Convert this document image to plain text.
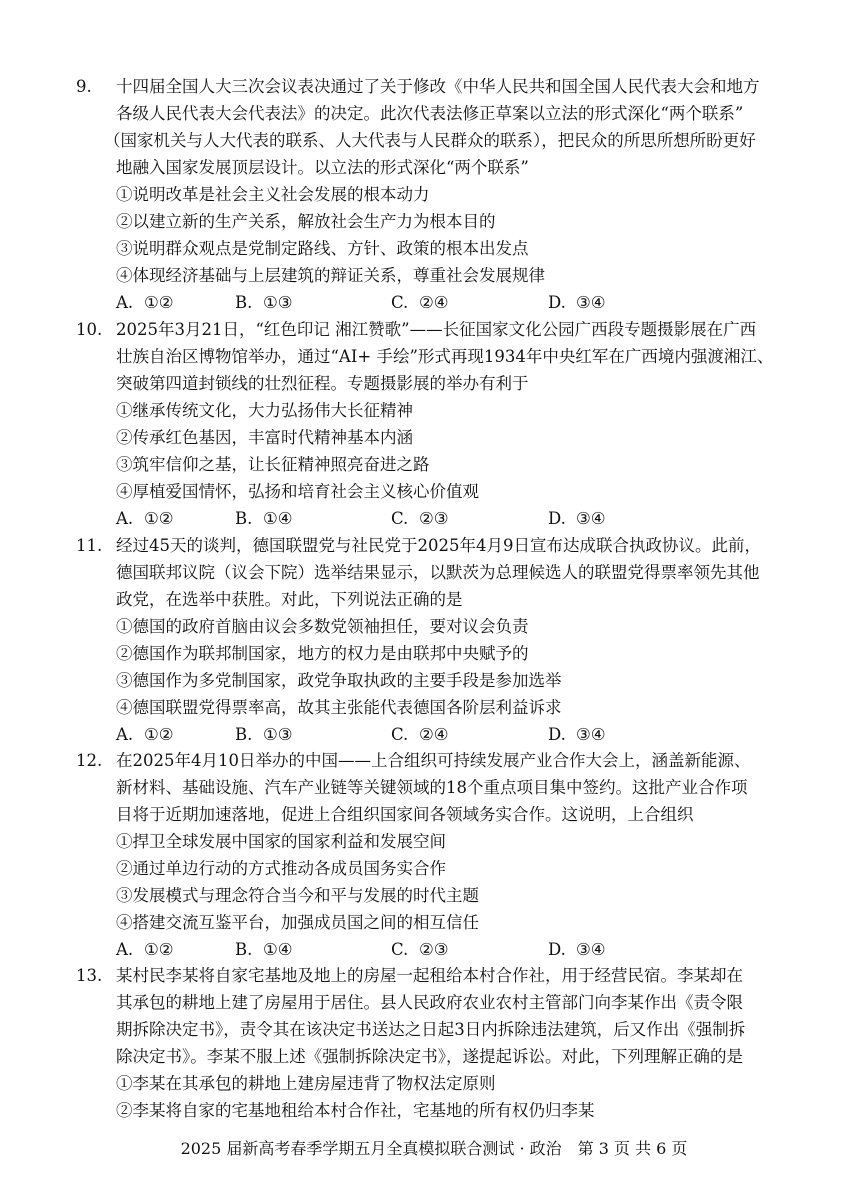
9. 十四届全国人大三次会议表决通过了关于修改《中华人民共和国全国人民代表大会和地方
各级人民代表大会代表法》的决定。此次代表法修正草案以立法的形式深化“两个联系”
（国家机关与人大代表的联系、人大代表与人民群众的联系），把民众的所思所想所盼更好
地融入国家发展顶层设计。以立法的形式深化“两个联系”
①说明改革是社会主义社会发展的根本动力
②以建立新的生产关系，解放社会生产力为根本目的
③说明群众观点是党制定路线、方针、政策的根本出发点
④体现经济基础与上层建筑的辩证关系，尊重社会发展规律
A. ①②	B. ①③	C. ②④	D. ③④
10. 2025年3月21日，“红色印记 湘江赞歌”——长征国家文化公园广西段专题摄影展在广西
壮族自治区博物馆举办，通过“AI+ 手绘”形式再现1934年中央红军在广西境内强渡湘江、
突破第四道封锁线的壮烈征程。专题摄影展的举办有利于
①继承传统文化，大力弘扬伟大长征精神
②传承红色基因，丰富时代精神基本内涵
③筑牢信仰之基，让长征精神照亮奋进之路
④厚植爱国情怀，弘扬和培育社会主义核心价值观
A. ①②	B. ①④	C. ②③	D. ③④
11. 经过45天的谈判，德国联盟党与社民党于2025年4月9日宣布达成联合执政协议。此前，
德国联邦议院（议会下院）选举结果显示，以默茨为总理候选人的联盟党得票率领先其他
政党，在选举中获胜。对此，下列说法正确的是
①德国的政府首脑由议会多数党领袖担任，要对议会负责
②德国作为联邦制国家，地方的权力是由联邦中央赋予的
③德国作为多党制国家，政党争取执政的主要手段是参加选举
④德国联盟党得票率高，故其主张能代表德国各阶层利益诉求
A. ①②	B. ①③	C. ②④	D. ③④
12. 在2025年4月10日举办的中国——上合组织可持续发展产业合作大会上，涵盖新能源、
新材料、基础设施、汽车产业链等关键领域的18个重点项目集中签约。这批产业合作项
目将于近期加速落地，促进上合组织国家间各领域务实合作。这说明，上合组织
①捍卫全球发展中国家的国家利益和发展空间
②通过单边行动的方式推动各成员国务实合作
③发展模式与理念符合当今和平与发展的时代主题
④搭建交流互鉴平台，加强成员国之间的相互信任
A. ①②	B. ①④	C. ②③	D. ③④
13. 某村民李某将自家宅基地及地上的房屋一起租给本村合作社，用于经营民宿。李某却在
其承包的耕地上建了房屋用于居住。县人民政府农业农村主管部门向李某作出《责令限
期拆除决定书》，责令其在该决定书送达之日起3日内拆除违法建筑，后又作出《强制拆
除决定书》。李某不服上述《强制拆除决定书》，遂提起诉讼。对此，下列理解正确的是
①李某在其承包的耕地上建房屋违背了物权法定原则
②李某将自家的宅基地租给本村合作社，宅基地的所有权仍归李某
2025 届新高考春季学期五月全真模拟联合测试 · 政治　第 3 页 共 6 页
